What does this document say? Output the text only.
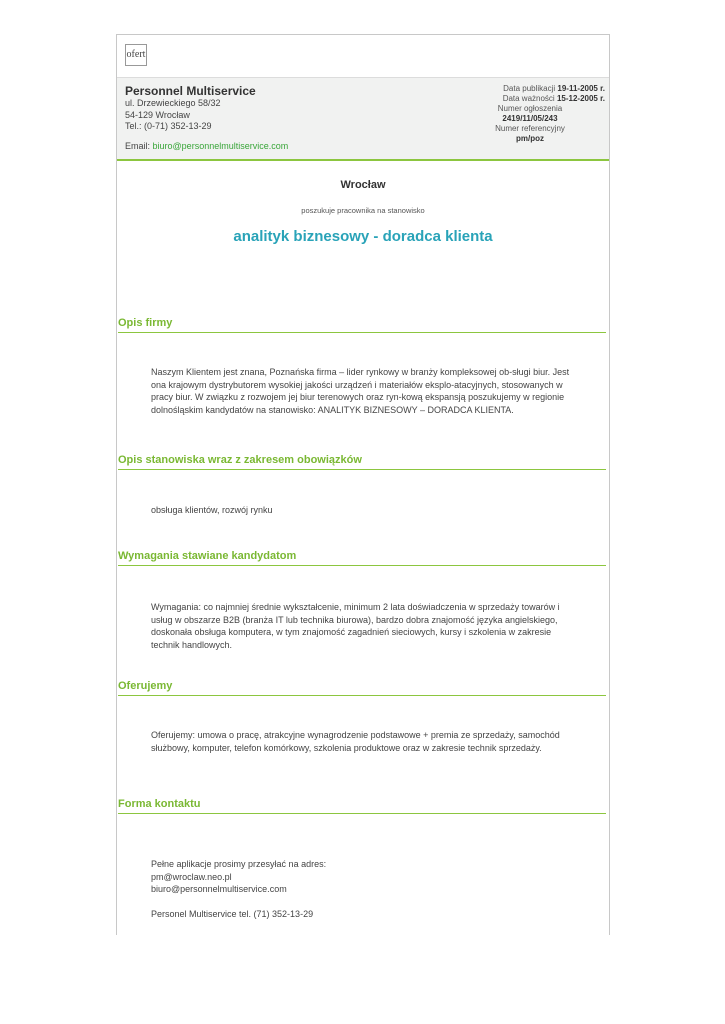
ofert
Personnel Multiservice
ul. Drzewieckiego 58/32
54-129 Wrocław
Tel.: (0-71) 352-13-29
Email: biuro@personnelmultiservice.com
Data publikacji 19-11-2005 r.
Data ważności 15-12-2005 r.
Numer ogłoszenia
2419/11/05/243
Numer referencyjny
pm/poz
Wrocław
poszukuje pracownika na stanowisko
analityk biznesowy - doradca klienta
Opis firmy
Naszym Klientem jest znana, Poznańska firma – lider rynkowy w branży kompleksowej ob-sługi biur. Jest
ona krajowym dystrybutorem wysokiej jakości urządzeń i materiałów eksplo-atacyjnych, stosowanych w
pracy biur. W związku z rozwojem jej biur terenowych oraz ryn-kową ekspansją poszukujemy w regionie
dolnośląskim kandydatów na stanowisko: ANALITYK BIZNESOWY – DORADCA KLIENTA.
Opis stanowiska wraz z zakresem obowiązków
obsługa klientów, rozwój rynku
Wymagania stawiane kandydatom
Wymagania: co najmniej średnie wykształcenie, minimum 2 lata doświadczenia w sprzedaży towarów i
usług w obszarze B2B (branża IT lub technika biurowa), bardzo dobra znajomość języka angielskiego,
doskonała obsługa komputera, w tym znajomość zagadnień sieciowych, kursy i szkolenia w zakresie
technik handlowych.
Oferujemy
Oferujemy: umowa o pracę, atrakcyjne wynagrodzenie podstawowe + premia ze sprzedaży, samochód
służbowy, komputer, telefon komórkowy, szkolenia produktowe oraz w zakresie technik sprzedaży.
Forma kontaktu
Pełne aplikacje prosimy przesyłać na adres:
pm@wroclaw.neo.pl
biuro@personnelmultiservice.com
Personel Multiservice tel. (71) 352-13-29
